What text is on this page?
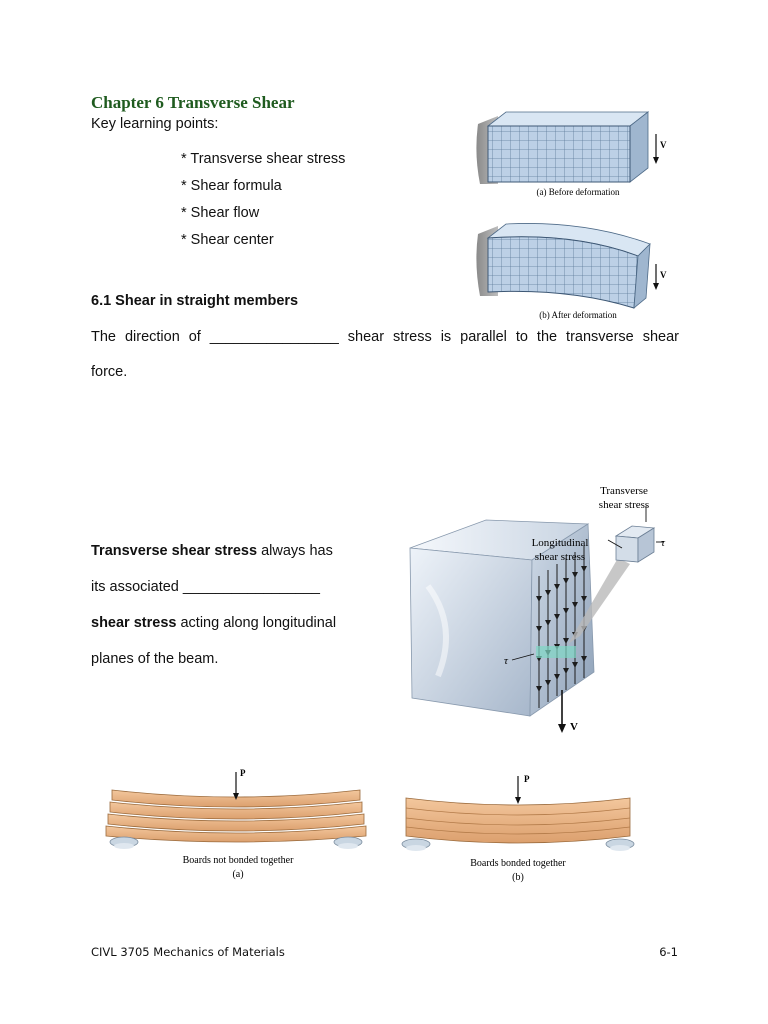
Chapter 6 Transverse Shear
Key learning points:
* Transverse shear stress
* Shear formula
* Shear flow
* Shear center
V
(a) Before deformation
V
(b) After deformation
6.1 Shear in straight members
The direction of ________________ shear stress is parallel to the transverse shear
force.
Transverse shear stress always has
its associated _________________
shear stress acting along longitudinal
planes of the beam.
Transverse
shear stress
Longitudinal
shear stress
τ
τ
V
P
Boards not bonded together
(a)
P
Boards bonded together
(b)
CIVL 3705 Mechanics of Materials	6-1
